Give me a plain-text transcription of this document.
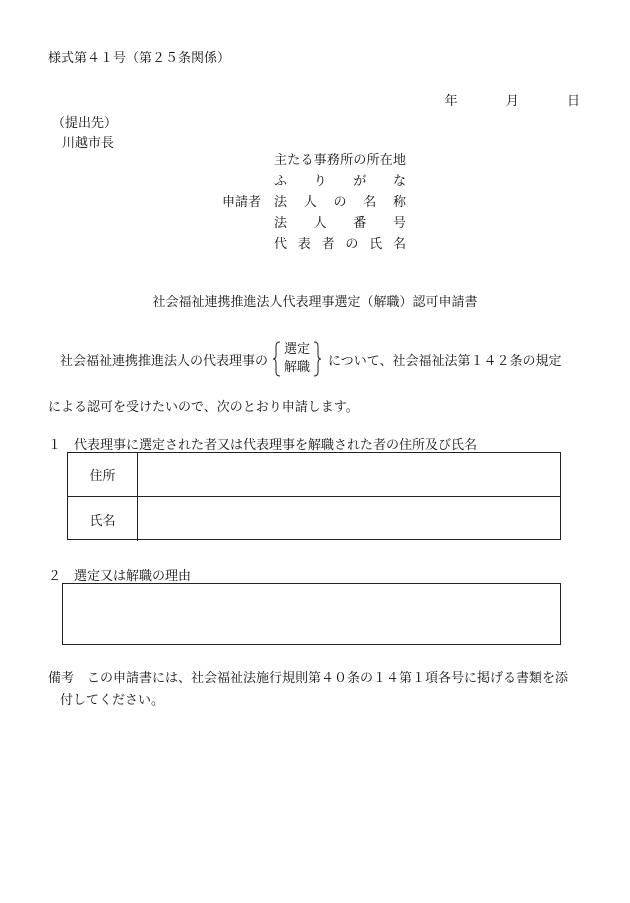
様式第４１号（第２５条関係）
年	月	日
（提出先）
川越市長
主 た る 事 務 所 の 所 在 地
ふ り が な
申請者 法 人 の 名 称
法 人 番 号
代 表 者 の 氏 名
社会福祉連携推進法人代表理事選定（解職）認可申請書
社会福祉連携推進法人の代表理事の
選定
解職 について、社会福祉法第１４２条の規定
による認可を受けたいので、次のとおり申請します。
１　代表理事に選定された者又は代表理事を解職された者の住所及び氏名
住所
氏名
２　選定又は解職の理由
備考　この申請書には、社会福祉法施行規則第４０条の１４第１項各号に掲げる書類を添
付してください。
